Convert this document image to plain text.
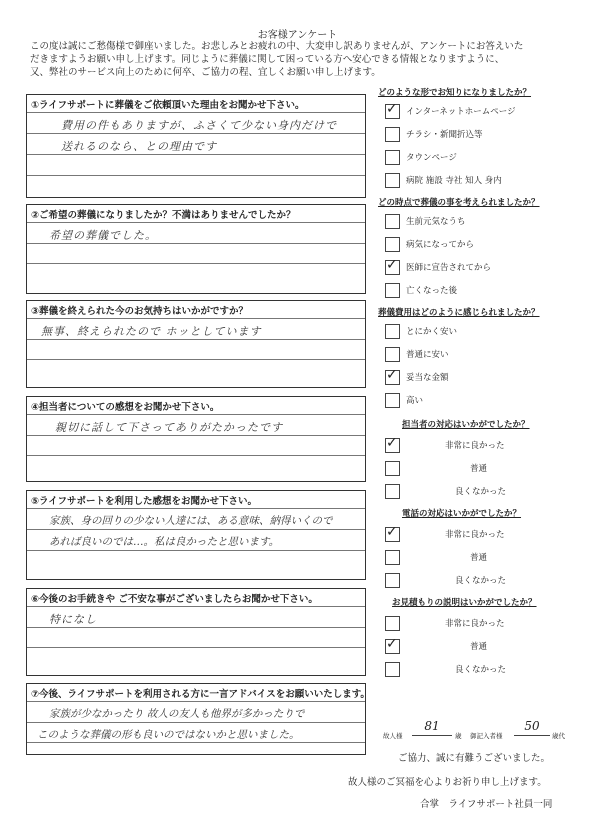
お客様アンケート
この度は誠にご愁傷様で御座いました。お悲しみとお疲れの中、大変申し訳ありませんが、アンケートにお答えいた
だきますようお願い申し上げます。同じように葬儀に関して困っている方へ安心できる情報となりますように、
又、弊社のサービス向上のために何卒、ご協力の程、宜しくお願い申し上げます。
①ライフサポートに葬儀をご依頼頂いた理由をお聞かせ下さい。
費用の件もありますが、ふさくて少ない身内だけで
送れるのなら、との理由です
②ご希望の葬儀になりましたか？不満はありませんでしたか？
希望の葬儀でした。
③葬儀を終えられた今のお気持ちはいかがですか？
無事、終えられたので ホッとしています
④担当者についての感想をお聞かせ下さい。
親切に話して下さってありがたかったです
⑤ライフサポートを利用した感想をお聞かせ下さい。
家族、身の回りの少ない人達には、ある意味、納得いくので
あれば良いのでは…。私は良かったと思います。
⑥今後のお手続きや ご不安な事がございましたらお聞かせ下さい。
特になし
⑦今後、ライフサポートを利用される方に一言アドバイスをお願いいたします。
家族が少なかったり 故人の友人も他界が多かったりで
このような葬儀の形も良いのではないかと思いました。
どのような形でお知りになりましたか？
✓ インターネットホームページ
チラシ・新聞折込等
タウンページ
病院 施設 寺社 知人 身内
どの時点で葬儀の事を考えられましたか？
生前元気なうち
病気になってから
✓ 医師に宣告されてから
亡くなった後
葬儀費用はどのように感じられましたか？
とにかく安い
普通に安い
✓ 妥当な金額
高い
担当者の対応はいかがでしたか？
✓	非常に良かった
普通
良くなかった
電話の対応はいかがでしたか？
✓	非常に良かった
普通
良くなかった
お見積もりの説明はいかがでしたか？
非常に良かった
✓	普通
良くなかった
故人様
81
歳 御記入者様
50
歳代
ご協力、誠に有難うございました。
故人様のご冥福を心よりお祈り申し上げます。
合掌　ライフサポート社員一同
